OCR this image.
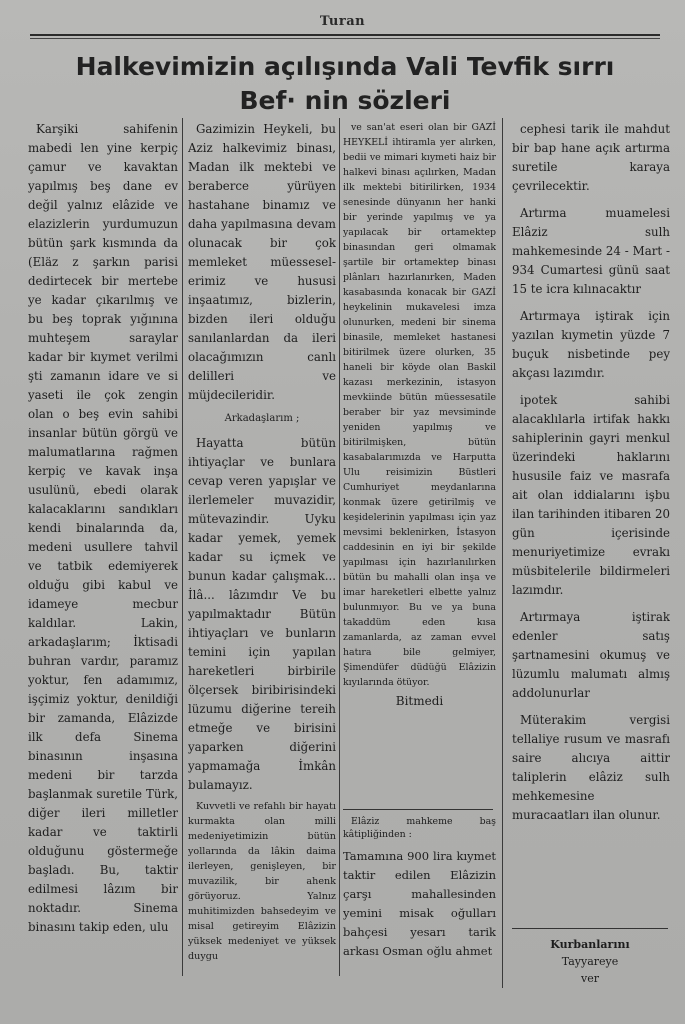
Turan
Halkevimizin açılışında Vali Tevfik sırrı
Bef· nin sözleri

Karşiki sahifenin mabedi len yine kerpiç çamur ve kavaktan yapılmış beş dane ev değil yalnız elâzide ve elazizlerin yurdumuzun bütün şark kısmında da (Eläz z şarkın parisi dedirtecek bir mertebe ye kadar çıkarılmış ve bu beş toprak yığınına muhteşem saraylar kadar bir kıymet verilmi şti zamanın idare ve si yaseti ile çok zengin olan o beş evin sahibi insanlar bütün görgü ve malumatlarına rağmen kerpiç ve kavak inşa usulünü, ebedi olarak kalacaklarını sandıkları kendi binalarında da, medeni usullere tahvil ve tatbik edemiyerek olduğu gibi kabul ve idameye mecbur kaldılar. Lakin, arkadaşlarım; İktisadi buhran vardır, paramız yoktur, fen adamımız, işçimiz yoktur, denildiği bir zamanda, Elâzizde ilk defa Sinema binasının inşasına medeni bir tarzda başlanmak suretile Türk, diğer ileri milletler kadar ve taktirli olduğunu göstermeğe başladı. Bu, taktir edilmesi lâzım bir noktadır. Sinema binasını takip eden, ulu

Gazimizin Heykeli, bu Aziz halkevimiz binası, Madan ilk mektebi ve beraberce yürüyen hastahane binamız ve daha yapılmasına devam olunacak bir çok memleket müessesel- erimiz ve hususi inşaatımız, bizlerin, bizden ileri olduğu sanılanlardan da ileri olacağımızın canlı delilleri ve müjdecileridir.

Arkadaşlarım ;

Hayatta bütün ihtiyaçlar ve bunlara cevap veren yapışlar ve ilerlemeler muvazidir, mütevazindir. Uyku kadar yemek, yemek kadar su içmek ve bunun kadar çalışmak... İlâ... lâzımdır Ve bu yapılmaktadır Bütün ihtiyaçları ve bunların temini için yapılan hareketleri birbirile ölçersek biribirisindeki lüzumu diğerine tereih etmeğe ve birisini yaparken diğerini yapmamağa İmkân bulamayız.

Kuvvetli ve refahlı bir hayatı kurmakta olan milli medeniyetimizin bütün yollarında da lâkin daima ilerleyen, genişleyen, bir muvazilik, bir ahenk görüyoruz. Yalnız muhitimizden bahsedeyim ve misal getireyim Elâzizin yüksek medeniyet ve yüksek duygu

ve san'at eseri olan bir GAZİ HEYKELİ ihtiramla yer alırken, bedii ve mimari kıymeti haiz bir halkevi binası açılırken, Madan ilk mektebi bitirilirken, 1934 senesinde dünyanın her hanki bir yerinde yapılmış ve ya yapılacak bir ortamektep binasından geri olmamak şartile bir ortamektep binası plânları hazırlanırken, Maden kasabasında konacak bir GAZİ heykelinin mukavelesi imza olunurken, medeni bir sinema binasile, memleket hastanesi bitirilmek üzere olurken, 35 haneli bir köyde olan Baskil kazası merkezinin, istasyon mevkiinde bütün müessesatile beraber bir yaz mevsiminde yeniden yapılmış ve bitirilmişken, bütün kasabalarımızda ve Harputta Ulu reisimizin Büstleri Cumhuriyet meydanlarına konmak üzere getirilmiş ve keşidelerinin yapılması için yaz mevsimi beklenirken, İstasyon caddesinin en iyi bir şekilde yapılması için hazırlanılırken bütün bu mahalli olan inşa ve imar hareketleri elbette yalnız bulunmıyor. Bu ve ya buna takaddüm eden kısa zamanlarda, az zaman evvel hatıra bile gelmiyer, Şimendüfer düdüğü Elâzizin kıyılarında ötüyor.

Bitmedi

Elâziz mahkeme baş kâtipliğinden :

Tamamına 900 lira kıymet taktir edilen Elâzizin çarşı mahallesinden yemini misak oğulları bahçesi yesarı tarik arkası Osman oğlu ahmet

cephesi tarik ile mahdut bir bap hane açık artırma suretile karaya çevrilecektir.

Artırma muamelesi Elâziz sulh mahkemesinde 24 - Mart - 934 Cumartesi günü saat 15 te icra kılınacaktır

Artırmaya iştirak için yazılan kıymetin yüzde 7 buçuk nisbetinde pey akçası lazımdır.

ipotek sahibi alacaklılarla irtifak hakkı sahiplerinin gayri menkul üzerindeki haklarını hususile faiz ve masrafa ait olan iddialarını işbu ilan tarihinden itibaren 20 gün içerisinde menuriyetimize evrakı müsbitelerile bildirmeleri lazımdır.

Artırmaya iştirak edenler satış şartnamesini okumuş ve lüzumlu malumatı almış addolunurlar

Müterakim vergisi tellaliye rusum ve masrafı saire alıcıya aittir taliplerin elâziz sulh mehkemesine muracaatları ilan olunur.

Kurbanlarını
Tayyareye
ver
